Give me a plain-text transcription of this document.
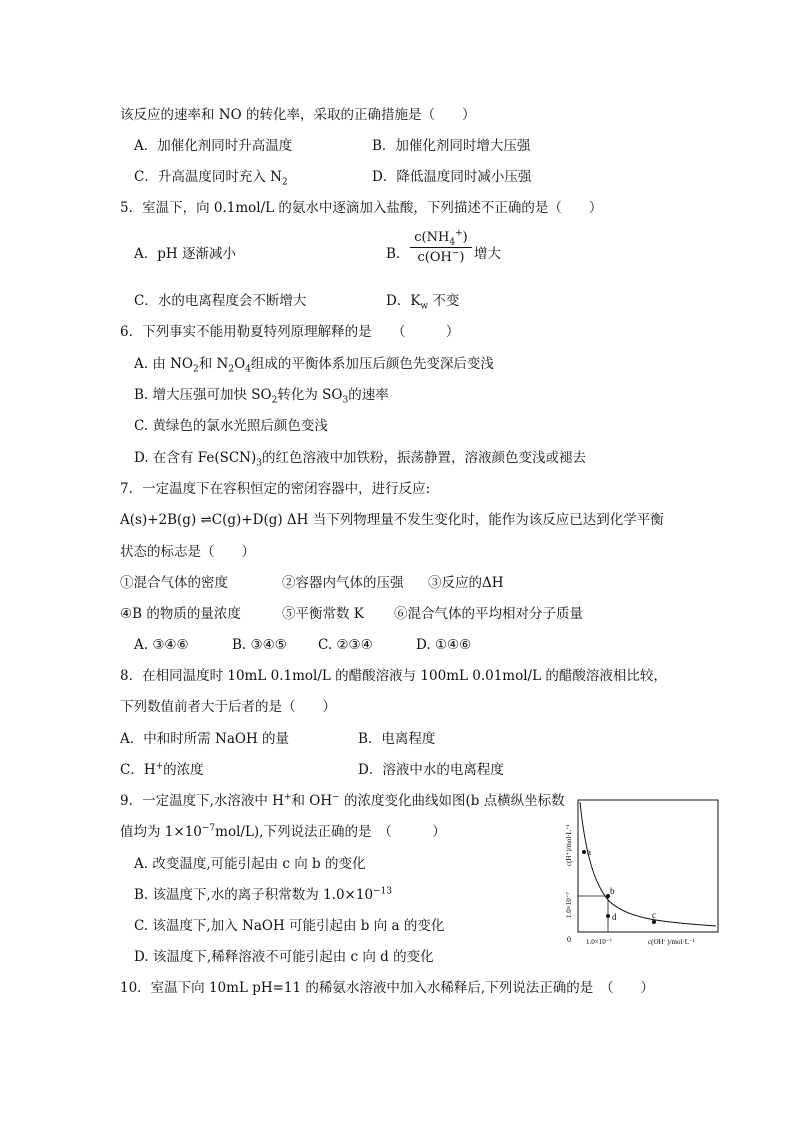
该反应的速率和 NO 的转化率，采取的正确措施是（　　）
A．加催化剂同时升高温度	B．加催化剂同时增大压强
C．升高温度同时充入 $N_2$	D．降低温度同时减小压强
5．室温下，向 0.1mol/L 的氨水中逐滴加入盐酸，下列描述不正确的是（　　）
A．pH 逐渐减小	B．
$c(NH_4^+)$
c(OH−) 增大
C．水的电离程度会不断增大	D．$K_w$ 不变
6．下列事实不能用勒夏特列原理解释的是　　（　　　）
A. 由 $NO_2$和 $N_2O_4$组成的平衡体系加压后颜色先变深后变浅
B. 增大压强可加快 $SO_2$转化为 $SO_3$的速率
C. 黄绿色的氯水光照后颜色变浅
D. 在含有 $Fe(SCN)_3$的红色溶液中加铁粉，振荡静置，溶液颜色变浅或褪去
7．一定温度下在容积恒定的密闭容器中，进行反应:
A(s)+2B(g) ⇌C(g)+D(g) ΔH 当下列物理量不发生变化时，能作为该反应已达到化学平衡
状态的标志是（　　）
①混合气体的密度	②容器内气体的压强 ③反应的ΔH
④B 的物质的量浓度	⑤平衡常数 K ⑥混合气体的平均相对分子质量
A. ③④⑥	B. ③④⑤ C. ②③④	D. ①④⑥
8．在相同温度时 10mL 0.1mol/L 的醋酸溶液与 100mL 0.01mol/L 的醋酸溶液相比较，
下列数值前者大于后者的是（　　）
A．中和时所需 NaOH 的量	B．电离程度
C．H+的浓度	D．溶液中水的电离程度
9．一定温度下,水溶液中 H+和 OH− 的浓度变化曲线如图(b 点横纵坐标数
值均为 $1\times 10^{-7}mol/L$),下列说法正确的是　（　　　）
A. 改变温度,可能引起由 c 向 b 的变化
B. 该温度下,水的离子积常数为 $1.0\times 10^{-13}$
C. 该温度下,加入 NaOH 可能引起由 b 向 a 的变化
D. 该温度下,稀释溶液不可能引起由 c 向 d 的变化
a
b
d	c
0 1.0×10⁻⁷	c(OH⁻)/mol·L⁻¹
1.0×10⁻⁷
c(H⁺)/mol·L⁻¹
10．室温下向 10mL pH=11 的稀氨水溶液中加入水稀释后,下列说法正确的是　（　　）
